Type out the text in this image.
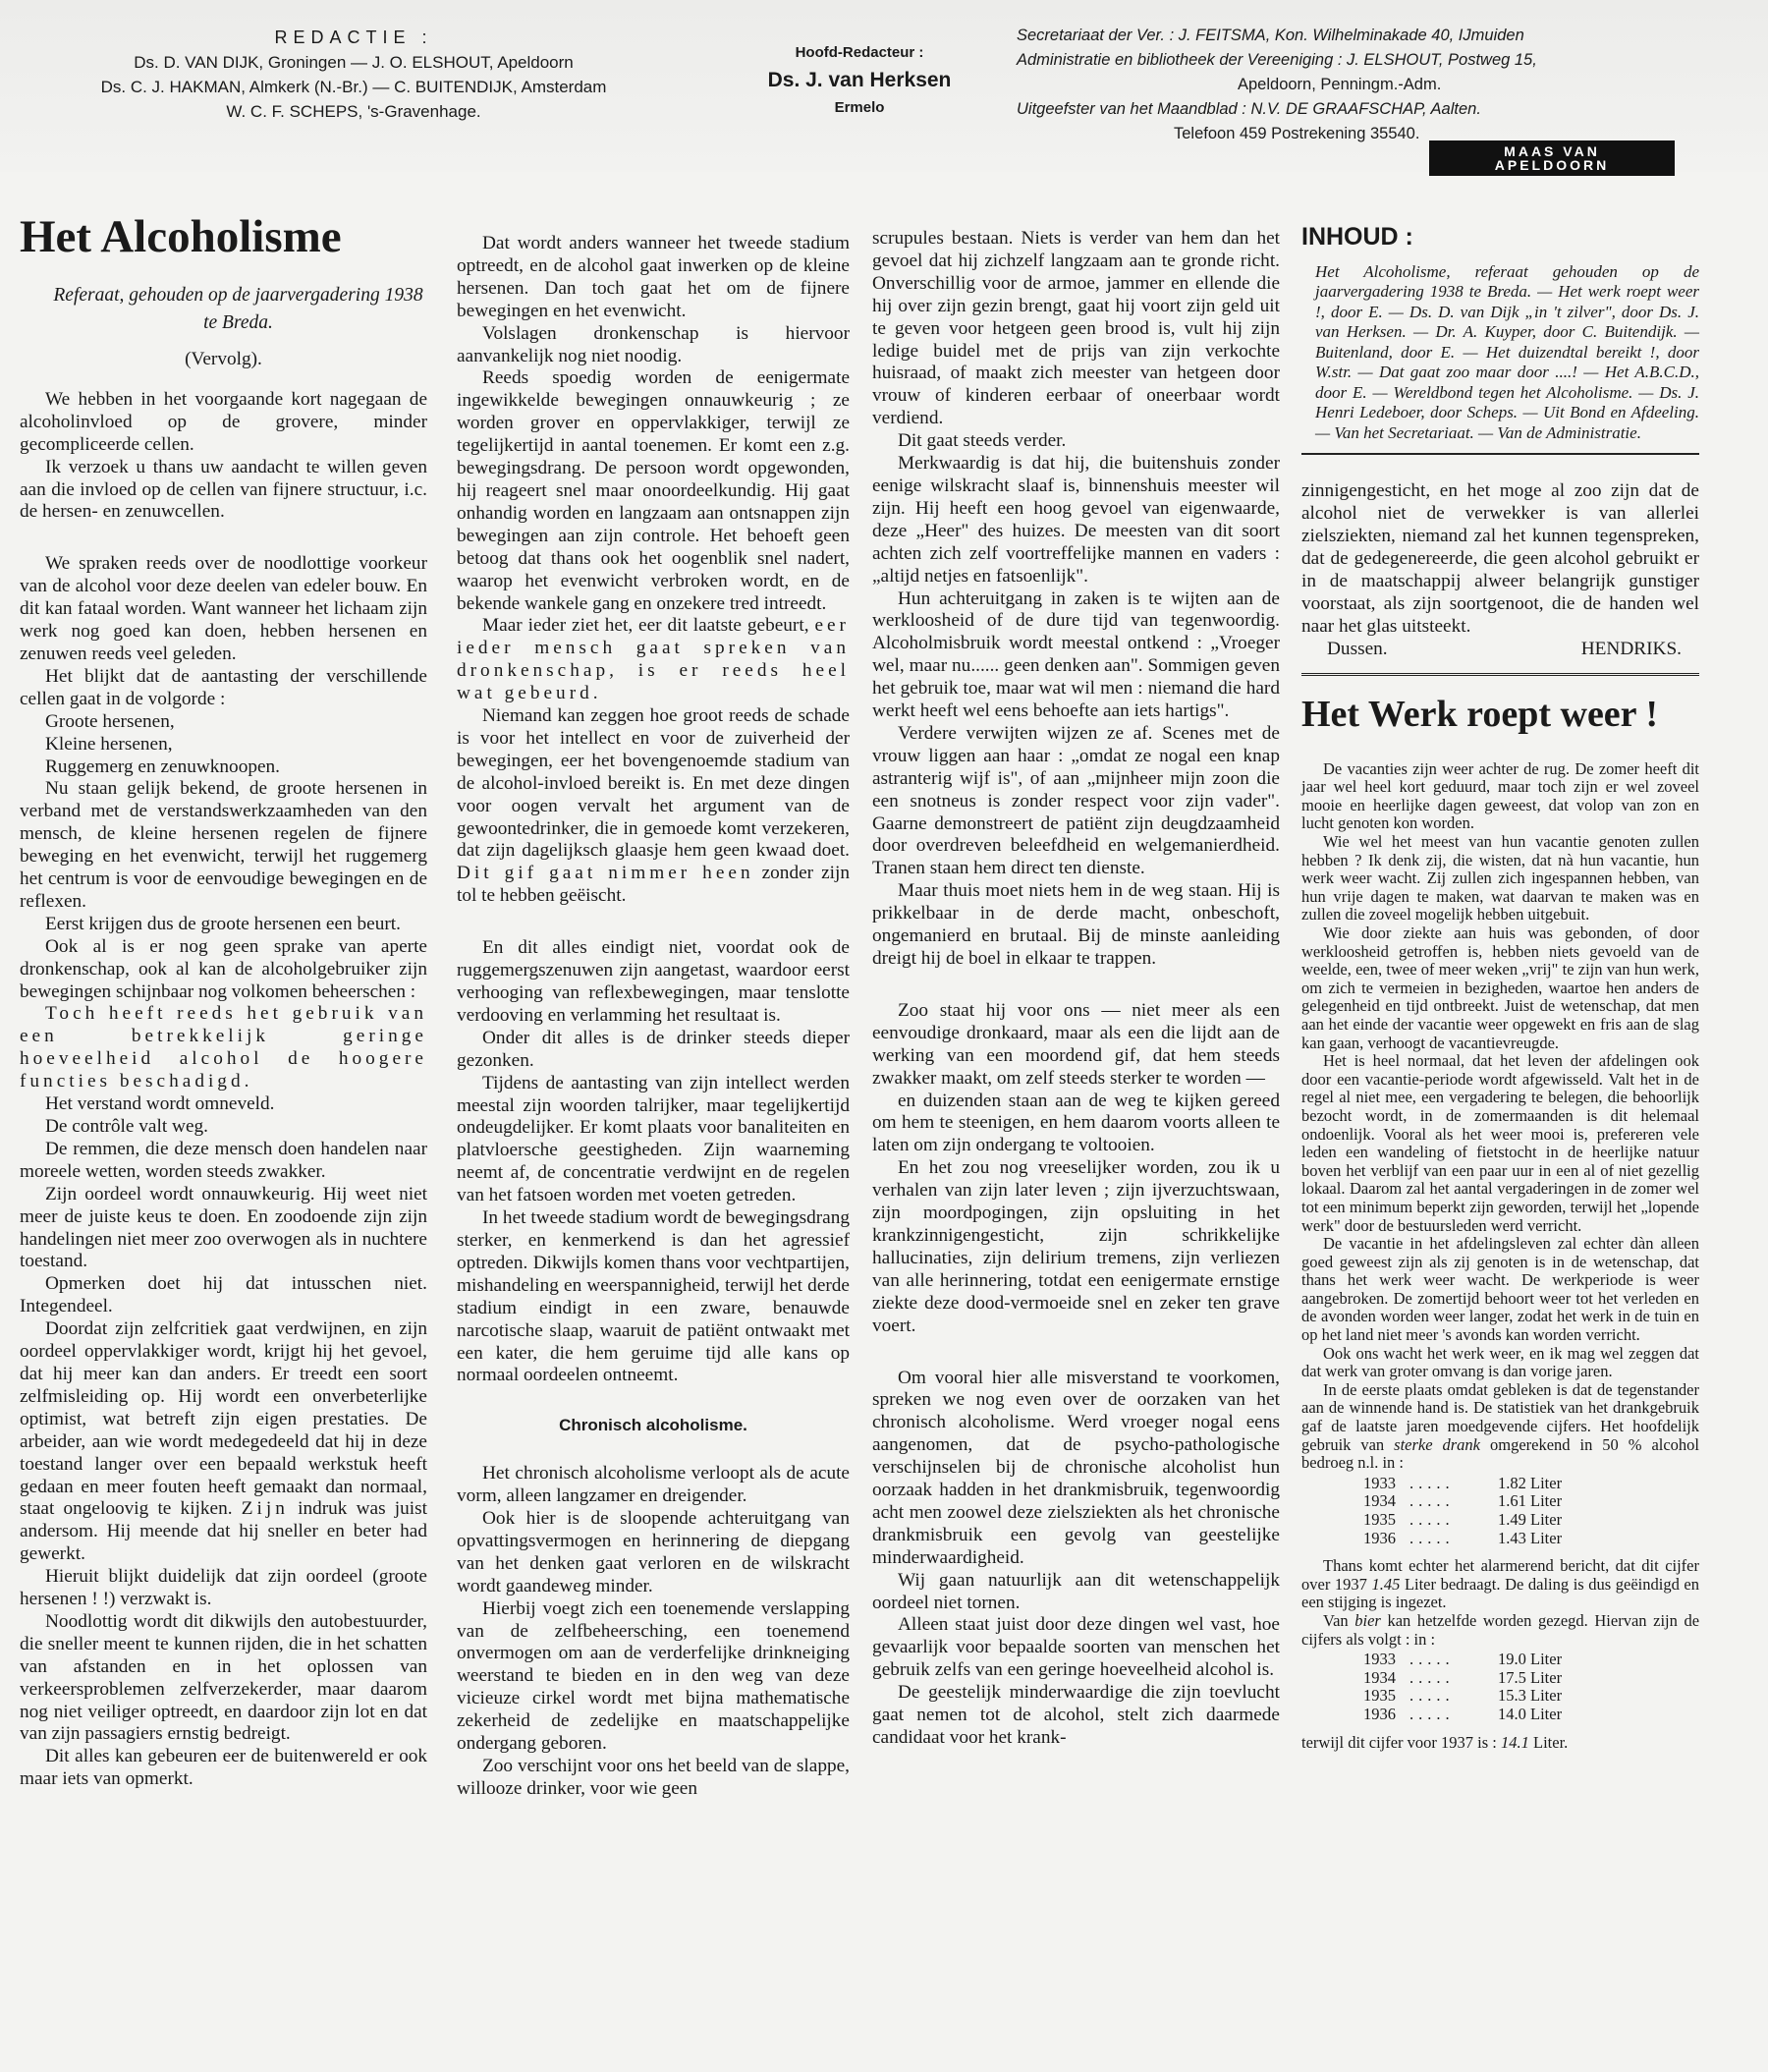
REDACTIE :
Ds. D. VAN DIJK, Groningen — J. O. ELSHOUT, Apeldoorn
Ds. C. J. HAKMAN, Almkerk (N.-Br.) — C. BUITENDIJK, Amsterdam
W. C. F. SCHEPS, 's-Gravenhage.
Hoofd-Redacteur :
Ds. J. van Herksen
Ermelo
Secretariaat der Ver. : J. FEITSMA, Kon. Wilhelminakade 40, IJmuiden
Administratie en bibliotheek der Vereeniging : J. ELSHOUT, Postweg 15,
Apeldoorn, Penningm.-Adm.
Uitgeefster van het Maandblad : N.V. DE GRAAFSCHAP, Aalten.
Telefoon 459 Postrekening 35540.
MAAS VAN
APELDOORN
Het Alcoholisme
Referaat, gehouden op de jaarvergadering 1938 te Breda.
(Vervolg).

We hebben in het voorgaande kort nagegaan de alcoholinvloed op de grovere, minder gecompliceerde cellen.

Ik verzoek u thans uw aandacht te willen geven aan die invloed op de cellen van fijnere structuur, i.c. de hersen- en zenuwcellen.

We spraken reeds over de noodlottige voorkeur van de alcohol voor deze deelen van edeler bouw. En dit kan fataal worden. Want wanneer het lichaam zijn werk nog goed kan doen, hebben hersenen en zenuwen reeds veel geleden.

Het blijkt dat de aantasting der verschillende cellen gaat in de volgorde :

Groote hersenen,

Kleine hersenen,

Ruggemerg en zenuwknoopen.

Nu staan gelijk bekend, de groote hersenen in verband met de verstandswerkzaamheden van den mensch, de kleine hersenen regelen de fijnere beweging en het evenwicht, terwijl het ruggemerg het centrum is voor de eenvoudige bewegingen en de reflexen.

Eerst krijgen dus de groote hersenen een beurt.

Ook al is er nog geen sprake van aperte dronkenschap, ook al kan de alcoholgebruiker zijn bewegingen schijnbaar nog volkomen beheerschen :

Toch heeft reeds het gebruik van een betrekkelijk geringe hoeveelheid alcohol de hoogere functies beschadigd.

Het verstand wordt omneveld.

De contrôle valt weg.

De remmen, die deze mensch doen handelen naar moreele wetten, worden steeds zwakker.

Zijn oordeel wordt onnauwkeurig. Hij weet niet meer de juiste keus te doen. En zoodoende zijn zijn handelingen niet meer zoo overwogen als in nuchtere toestand.

Opmerken doet hij dat intusschen niet. Integendeel.

Doordat zijn zelfcritiek gaat verdwijnen, en zijn oordeel oppervlakkiger wordt, krijgt hij het gevoel, dat hij meer kan dan anders. Er treedt een soort zelfmisleiding op. Hij wordt een onverbeterlijke optimist, wat betreft zijn eigen prestaties. De arbeider, aan wie wordt medegedeeld dat hij in deze toestand langer over een bepaald werkstuk heeft gedaan en meer fouten heeft gemaakt dan normaal, staat ongeloovig te kijken. Zijn indruk was juist andersom. Hij meende dat hij sneller en beter had gewerkt.

Hieruit blijkt duidelijk dat zijn oordeel (groote hersenen ! !) verzwakt is.

Noodlottig wordt dit dikwijls den autobestuurder, die sneller meent te kunnen rijden, die in het schatten van afstanden en in het oplossen van verkeersproblemen zelfverzekerder, maar daarom nog niet veiliger optreedt, en daardoor zijn lot en dat van zijn passagiers ernstig bedreigt.

Dit alles kan gebeuren eer de buitenwereld er ook maar iets van opmerkt.

Dat wordt anders wanneer het tweede stadium optreedt, en de alcohol gaat inwerken op de kleine hersenen. Dan toch gaat het om de fijnere bewegingen en het evenwicht.

Volslagen dronkenschap is hiervoor aanvankelijk nog niet noodig.

Reeds spoedig worden de eenigermate ingewikkelde bewegingen onnauwkeurig ; ze worden grover en oppervlakkiger, terwijl ze tegelijkertijd in aantal toenemen. Er komt een z.g. bewegingsdrang. De persoon wordt opgewonden, hij reageert snel maar onoordeelkundig. Hij gaat onhandig worden en langzaam aan ontsnappen zijn bewegingen aan zijn controle. Het behoeft geen betoog dat thans ook het oogenblik snel nadert, waarop het evenwicht verbroken wordt, en de bekende wankele gang en onzekere tred intreedt.

Maar ieder ziet het, eer dit laatste gebeurt, eer ieder mensch gaat spreken van dronkenschap, is er reeds heel wat gebeurd.

Niemand kan zeggen hoe groot reeds de schade is voor het intellect en voor de zuiverheid der bewegingen, eer het bovengenoemde stadium van de alcohol-invloed bereikt is. En met deze dingen voor oogen vervalt het argument van de gewoontedrinker, die in gemoede komt verzekeren, dat zijn dagelijksch glaasje hem geen kwaad doet. Dit gif gaat nimmer heen zonder zijn tol te hebben geëischt.

En dit alles eindigt niet, voordat ook de ruggemergszenuwen zijn aangetast, waardoor eerst verhooging van reflexbewegingen, maar tenslotte verdooving en verlamming het resultaat is.

Onder dit alles is de drinker steeds dieper gezonken.

Tijdens de aantasting van zijn intellect werden meestal zijn woorden talrijker, maar tegelijkertijd ondeugdelijker. Er komt plaats voor banaliteiten en platvloersche geestigheden. Zijn waarneming neemt af, de concentratie verdwijnt en de regelen van het fatsoen worden met voeten getreden.

In het tweede stadium wordt de bewegingsdrang sterker, en kenmerkend is dan het agressief optreden. Dikwijls komen thans voor vechtpartijen, mishandeling en weerspannigheid, terwijl het derde stadium eindigt in een zware, benauwde narcotische slaap, waaruit de patiënt ontwaakt met een kater, die hem geruime tijd alle kans op normaal oordeelen ontneemt.

Chronisch alcoholisme.

Het chronisch alcoholisme verloopt als de acute vorm, alleen langzamer en dreigender.

Ook hier is de sloopende achteruitgang van opvattingsvermogen en herinnering de diepgang van het denken gaat verloren en de wilskracht wordt gaandeweg minder.

Hierbij voegt zich een toenemende verslapping van de zelfbeheersching, een toenemend onvermogen om aan de verderfelijke drinkneiging weerstand te bieden en in den weg van deze vicieuze cirkel wordt met bijna mathematische zekerheid de zedelijke en maatschappelijke ondergang geboren.

Zoo verschijnt voor ons het beeld van de slappe, willooze drinker, voor wie geen

scrupules bestaan. Niets is verder van hem dan het gevoel dat hij zichzelf langzaam aan te gronde richt. Onverschillig voor de armoe, jammer en ellende die hij over zijn gezin brengt, gaat hij voort zijn geld uit te geven voor hetgeen geen brood is, vult hij zijn ledige buidel met de prijs van zijn verkochte huisraad, of maakt zich meester van hetgeen door vrouw of kinderen eerbaar of oneerbaar wordt verdiend.

Dit gaat steeds verder.

Merkwaardig is dat hij, die buitenshuis zonder eenige wilskracht slaaf is, binnenshuis meester wil zijn. Hij heeft een hoog gevoel van eigenwaarde, deze „Heer" des huizes. De meesten van dit soort achten zich zelf voortreffelijke mannen en vaders : „altijd netjes en fatsoenlijk".

Hun achteruitgang in zaken is te wijten aan de werkloosheid of de dure tijd van tegenwoordig. Alcoholmisbruik wordt meestal ontkend : „Vroeger wel, maar nu...... geen denken aan". Sommigen geven het gebruik toe, maar wat wil men : niemand die hard werkt heeft wel eens behoefte aan iets hartigs".

Verdere verwijten wijzen ze af. Scenes met de vrouw liggen aan haar : „omdat ze nogal een knap astranterig wijf is", of aan „mijnheer mijn zoon die een snotneus is zonder respect voor zijn vader". Gaarne demonstreert de patiënt zijn deugdzaamheid door overdreven beleefdheid en welgemanierdheid. Tranen staan hem direct ten dienste.

Maar thuis moet niets hem in de weg staan. Hij is prikkelbaar in de derde macht, onbeschoft, ongemanierd en brutaal. Bij de minste aanleiding dreigt hij de boel in elkaar te trappen.

Zoo staat hij voor ons — niet meer als een eenvoudige dronkaard, maar als een die lijdt aan de werking van een moordend gif, dat hem steeds zwakker maakt, om zelf steeds sterker te worden —

en duizenden staan aan de weg te kijken gereed om hem te steenigen, en hem daarom voorts alleen te laten om zijn ondergang te voltooien.

En het zou nog vreeselijker worden, zou ik u verhalen van zijn later leven ; zijn ijverzuchtswaan, zijn moordpogingen, zijn opsluiting in het krankzinnigengesticht, zijn schrikkelijke hallucinaties, zijn delirium tremens, zijn verliezen van alle herinnering, totdat een eenigermate ernstige ziekte deze dood-vermoeide snel en zeker ten grave voert.

Om vooral hier alle misverstand te voorkomen, spreken we nog even over de oorzaken van het chronisch alcoholisme. Werd vroeger nogal eens aangenomen, dat de psycho-pathologische verschijnselen bij de chronische alcoholist hun oorzaak hadden in het drankmisbruik, tegenwoordig acht men zoowel deze zielsziekten als het chronische drankmisbruik een gevolg van geestelijke minderwaardigheid.

Wij gaan natuurlijk aan dit wetenschappelijk oordeel niet tornen.

Alleen staat juist door deze dingen wel vast, hoe gevaarlijk voor bepaalde soorten van menschen het gebruik zelfs van een geringe hoeveelheid alcohol is.

De geestelijk minderwaardige die zijn toevlucht gaat nemen tot de alcohol, stelt zich daarmede candidaat voor het krank-

INHOUD :
Het Alcoholisme, referaat gehouden op de jaarvergadering 1938 te Breda. — Het werk roept weer !, door E. — Ds. D. van Dijk „in 't zilver", door Ds. J. van Herksen. — Dr. A. Kuyper, door C. Buitendijk. — Buitenland, door E. — Het duizendtal bereikt !, door W.str. — Dat gaat zoo maar door ....! — Het A.B.C.D., door E. — Wereldbond tegen het Alcoholisme. — Ds. J. Henri Ledeboer, door Scheps. — Uit Bond en Afdeeling. — Van het Secretariaat. — Van de Administratie.

zinnigengesticht, en het moge al zoo zijn dat de alcohol niet de verwekker is van allerlei zielsziekten, niemand zal het kunnen tegenspreken, dat de gedegenereerde, die geen alcohol gebruikt er in de maatschappij alweer belangrijk gunstiger voorstaat, als zijn soortgenoot, die de handen wel naar het glas uitsteekt.

Dussen.	HENDRIKS.
Het Werk roept weer !

De vacanties zijn weer achter de rug. De zomer heeft dit jaar wel heel kort geduurd, maar toch zijn er wel zoveel mooie en heerlijke dagen geweest, dat volop van zon en lucht genoten kon worden.

Wie wel het meest van hun vacantie genoten zullen hebben ? Ik denk zij, die wisten, dat nà hun vacantie, hun werk weer wacht. Zij zullen zich ingespannen hebben, van hun vrije dagen te maken, wat daarvan te maken was en zullen die zoveel mogelijk hebben uitgebuit.

Wie door ziekte aan huis was gebonden, of door werkloosheid getroffen is, hebben niets gevoeld van de weelde, een, twee of meer weken „vrij" te zijn van hun werk, om zich te vermeien in bezigheden, waartoe hen anders de gelegenheid en tijd ontbreekt. Juist de wetenschap, dat men aan het einde der vacantie weer opgewekt en fris aan de slag kan gaan, verhoogt de vacantievreugde.

Het is heel normaal, dat het leven der afdelingen ook door een vacantie-periode wordt afgewisseld. Valt het in de regel al niet mee, een vergadering te belegen, die behoorlijk bezocht wordt, in de zomermaanden is dit helemaal ondoenlijk. Vooral als het weer mooi is, prefereren vele leden een wandeling of fietstocht in de heerlijke natuur boven het verblijf van een paar uur in een al of niet gezellig lokaal. Daarom zal het aantal vergaderingen in de zomer wel tot een minimum beperkt zijn geworden, terwijl het „lopende werk" door de bestuursleden werd verricht.

De vacantie in het afdelingsleven zal echter dàn alleen goed geweest zijn als zij genoten is in de wetenschap, dat thans het werk weer wacht. De werkperiode is weer aangebroken. De zomertijd behoort weer tot het verleden en de avonden worden weer langer, zodat het werk in de tuin en op het land niet meer 's avonds kan worden verricht.

Ook ons wacht het werk weer, en ik mag wel zeggen dat dat werk van groter omvang is dan vorige jaren.

In de eerste plaats omdat gebleken is dat de tegenstander aan de winnende hand is. De statistiek van het drankgebruik gaf de laatste jaren moedgevende cijfers. Het hoofdelijk gebruik van sterke drank omgerekend in 50 % alcohol bedroeg n.l. in :

1933	.....	1.82 Liter
1934	.....	1.61 Liter
1935	.....	1.49 Liter
1936	.....	1.43 Liter

Thans komt echter het alarmerend bericht, dat dit cijfer over 1937 1.45 Liter bedraagt. De daling is dus geëindigd en een stijging is ingezet.

Van bier kan hetzelfde worden gezegd. Hiervan zijn de cijfers als volgt : in :

1933	.....	19.0 Liter
1934	.....	17.5 Liter
1935	.....	15.3 Liter
1936	.....	14.0 Liter

terwijl dit cijfer voor 1937 is : 14.1 Liter.
